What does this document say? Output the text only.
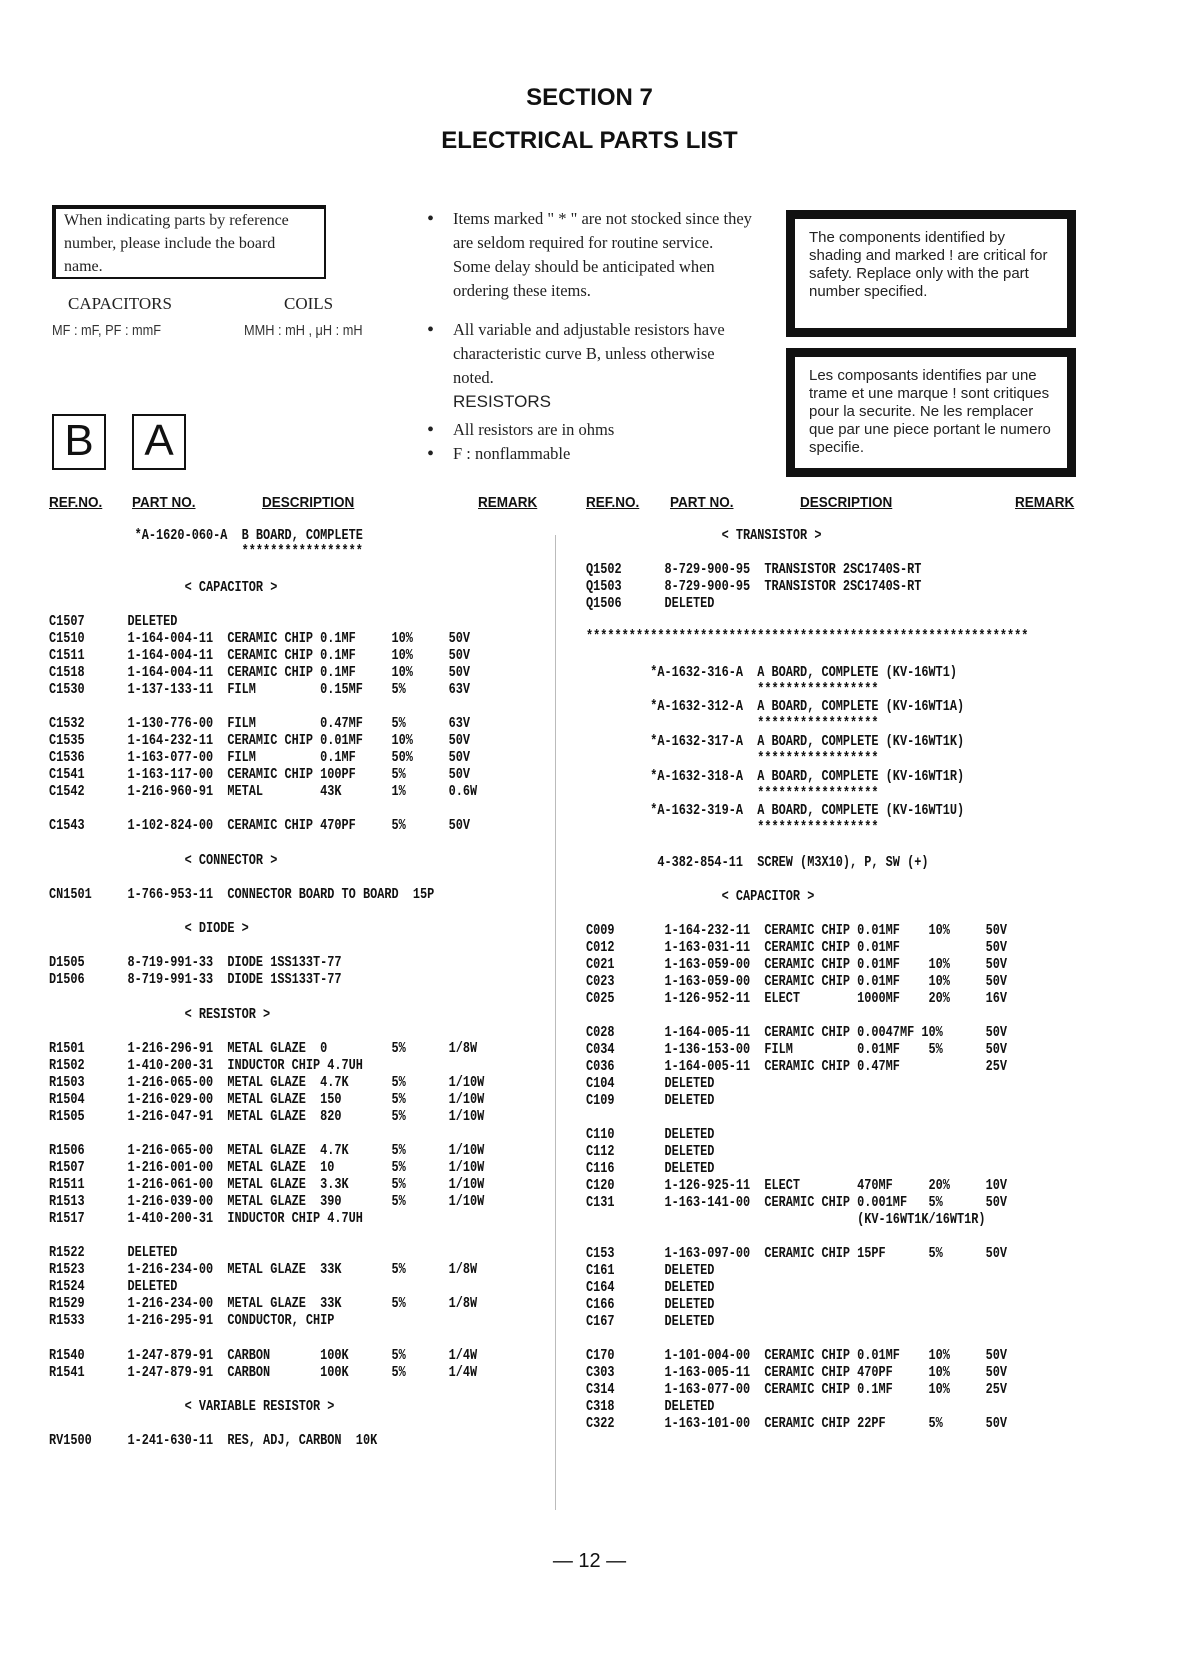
SECTION 7
ELECTRICAL PARTS LIST
When indicating parts by reference number, please include the board name.
CAPACITORS
MF : mF, PF : mmF
COILS
MMH : mH , μH : mH
B A
• Items marked " * " are not stocked since they are seldom required for routine service. Some delay should be anticipated when ordering these items.
• All variable and adjustable resistors have characteristic curve B, unless otherwise noted.
RESISTORS
• All resistors are in ohms
• F : nonflammable
The components identified by shading and marked ! are critical for safety. Replace only with the part number specified.
Les composants identifies par une trame et une marque ! sont critiques pour la securite. Ne les remplacer que par une piece portant le numero specifie.
REF.NO. PART NO.	DESCRIPTION	REMARK	REF.NO. PART NO.	DESCRIPTION	REMARK
*A-1620-060-A  B BOARD, COMPLETE
*****************
< CAPACITOR >
C1507      DELETED
C1510      1-164-004-11  CERAMIC CHIP 0.1MF     10%     50V
C1511      1-164-004-11  CERAMIC CHIP 0.1MF     10%     50V
C1518      1-164-004-11  CERAMIC CHIP 0.1MF     10%     50V
C1530      1-137-133-11  FILM         0.15MF    5%      63V
C1532      1-130-776-00  FILM         0.47MF    5%      63V
C1535      1-164-232-11  CERAMIC CHIP 0.01MF    10%     50V
C1536      1-163-077-00  FILM         0.1MF     50%     50V
C1541      1-163-117-00  CERAMIC CHIP 100PF     5%      50V
C1542      1-216-960-91  METAL        43K       1%      0.6W
C1543      1-102-824-00  CERAMIC CHIP 470PF     5%      50V
< CONNECTOR >
CN1501     1-766-953-11  CONNECTOR BOARD TO BOARD  15P
< DIODE >
D1505      8-719-991-33  DIODE 1SS133T-77
D1506      8-719-991-33  DIODE 1SS133T-77
< RESISTOR >
R1501      1-216-296-91  METAL GLAZE  0         5%      1/8W
R1502      1-410-200-31  INDUCTOR CHIP 4.7UH
R1503      1-216-065-00  METAL GLAZE  4.7K      5%      1/10W
R1504      1-216-029-00  METAL GLAZE  150       5%      1/10W
R1505      1-216-047-91  METAL GLAZE  820       5%      1/10W
R1506      1-216-065-00  METAL GLAZE  4.7K      5%      1/10W
R1507      1-216-001-00  METAL GLAZE  10        5%      1/10W
R1511      1-216-061-00  METAL GLAZE  3.3K      5%      1/10W
R1513      1-216-039-00  METAL GLAZE  390       5%      1/10W
R1517      1-410-200-31  INDUCTOR CHIP 4.7UH
R1522      DELETED
R1523      1-216-234-00  METAL GLAZE  33K       5%      1/8W
R1524      DELETED
R1529      1-216-234-00  METAL GLAZE  33K       5%      1/8W
R1533      1-216-295-91  CONDUCTOR, CHIP
R1540      1-247-879-91  CARBON       100K      5%      1/4W
R1541      1-247-879-91  CARBON       100K      5%      1/4W
< VARIABLE RESISTOR >
RV1500     1-241-630-11  RES, ADJ, CARBON  10K
< TRANSISTOR >
Q1502      8-729-900-95  TRANSISTOR 2SC1740S-RT
Q1503      8-729-900-95  TRANSISTOR 2SC1740S-RT
Q1506      DELETED
**************************************************************
*A-1632-316-A  A BOARD, COMPLETE (KV-16WT1)
*****************
*A-1632-312-A  A BOARD, COMPLETE (KV-16WT1A)
*****************
*A-1632-317-A  A BOARD, COMPLETE (KV-16WT1K)
*****************
*A-1632-318-A  A BOARD, COMPLETE (KV-16WT1R)
*****************
*A-1632-319-A  A BOARD, COMPLETE (KV-16WT1U)
*****************
4-382-854-11  SCREW (M3X10), P, SW (+)
< CAPACITOR >
C009       1-164-232-11  CERAMIC CHIP 0.01MF    10%     50V
C012       1-163-031-11  CERAMIC CHIP 0.01MF            50V
C021       1-163-059-00  CERAMIC CHIP 0.01MF    10%     50V
C023       1-163-059-00  CERAMIC CHIP 0.01MF    10%     50V
C025       1-126-952-11  ELECT        1000MF    20%     16V
C028       1-164-005-11  CERAMIC CHIP 0.0047MF 10%      50V
C034       1-136-153-00  FILM         0.01MF    5%      50V
C036       1-164-005-11  CERAMIC CHIP 0.47MF            25V
C104       DELETED
C109       DELETED
C110       DELETED
C112       DELETED
C116       DELETED
C120       1-126-925-11  ELECT        470MF     20%     10V
C131       1-163-141-00  CERAMIC CHIP 0.001MF   5%      50V
(KV-16WT1K/16WT1R)
C153       1-163-097-00  CERAMIC CHIP 15PF      5%      50V
C161       DELETED
C164       DELETED
C166       DELETED
C167       DELETED
C170       1-101-004-00  CERAMIC CHIP 0.01MF    10%     50V
C303       1-163-005-11  CERAMIC CHIP 470PF     10%     50V
C314       1-163-077-00  CERAMIC CHIP 0.1MF     10%     25V
C318       DELETED
C322       1-163-101-00  CERAMIC CHIP 22PF      5%      50V
— 12 —
